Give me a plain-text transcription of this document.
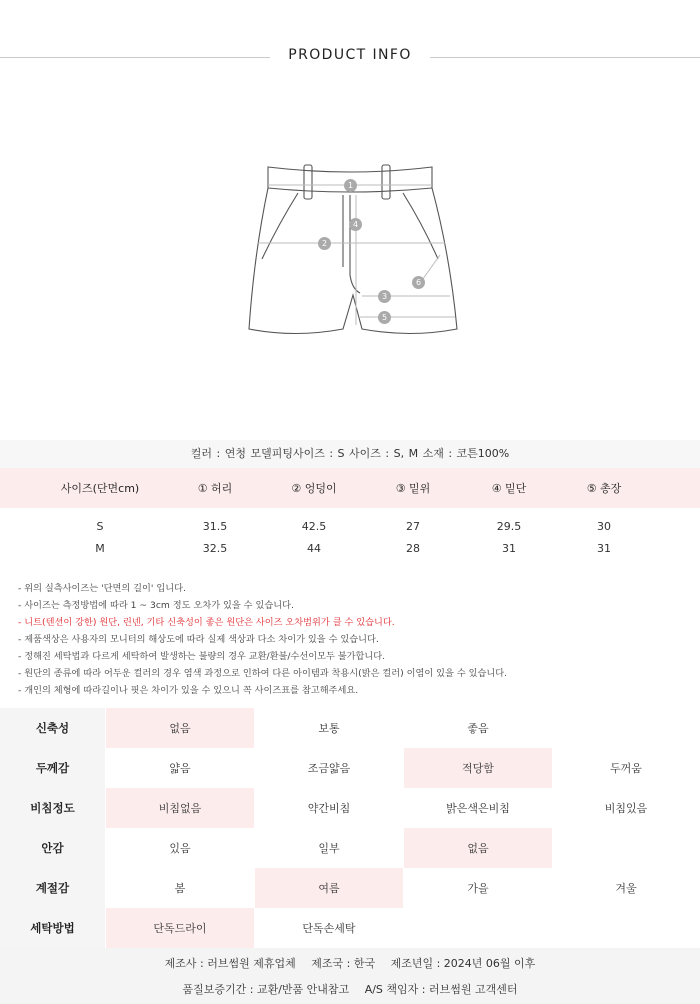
PRODUCT INFO
1
2
3
4
5
6
컬러 : 연청 모델피팅사이즈 : S 사이즈 : S, M 소재 : 코튼100%
사이즈(단면cm)	① 허리	② 엉덩이	③ 밑위	④ 밑단	⑤ 총장
S	31.5	42.5	27	29.5	30
M	32.5	44	28	31	31
- 위의 실측사이즈는 '단면의 길이' 입니다.
- 사이즈는 측정방법에 따라 1 ~ 3cm 정도 오차가 있을 수 있습니다.
- 니트(텐션이 강한) 원단, 린넨, 기타 신축성이 좋은 원단은 사이즈 오차범위가 클 수 있습니다.
- 제품색상은 사용자의 모니터의 해상도에 따라 실제 색상과 다소 차이가 있을 수 있습니다.
- 정해진 세탁법과 다르게 세탁하여 발생하는 불량의 경우 교환/환불/수선이모두 불가합니다.
- 원단의 종류에 따라 어두운 컬러의 경우 염색 과정으로 인하여 다른 아이템과 착용시(밝은 컬러) 이염이 있을 수 있습니다.
- 개인의 체형에 따라길이나 핏은 차이가 있을 수 있으니 꼭 사이즈표를 참고해주세요.
신축성	없음	보통	좋음
두께감	얇음	조금얇음	적당함	두꺼움
비침정도	비침없음	약간비침	밝은색은비침	비침있음
안감	있음	일부	없음
계절감	봄	여름	가을	겨울
세탁방법	단독드라이	단독손세탁
제조사 : 러브썸원 제휴업체 제조국 : 한국 제조년일 : 2024년 06월 이후
품질보증기간 : 교환/반품 안내참고 A/S 책임자 : 러브썸원 고객센터
